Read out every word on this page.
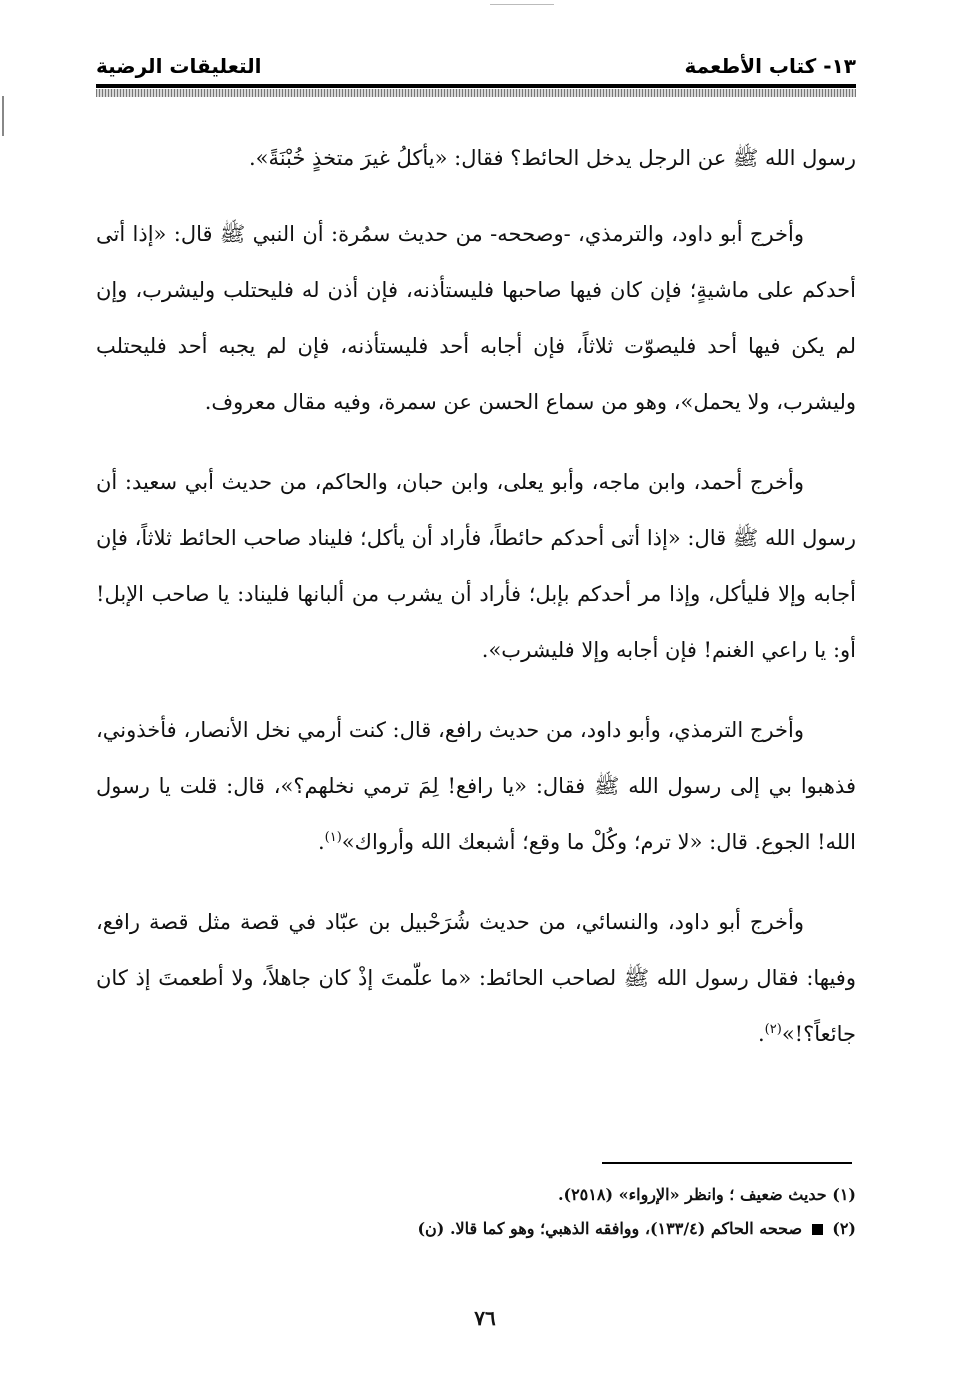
١٣- كتاب الأطعمة
التعليقات الرضية

رسول الله ﷺ عن الرجل يدخل الحائط؟ فقال: «يأكلُ غيرَ متخذٍ خُبْنَةً».

وأخرج أبو داود، والترمذي، -وصححه- من حديث سمُرة: أن النبي ﷺ قال: «إذا أتى أحدكم على ماشيةٍ؛ فإن كان فيها صاحبها فليستأذنه، فإن أذن له فليحتلب وليشرب، وإن لم يكن فيها أحد فليصوّت ثلاثاً، فإن أجابه أحد فليستأذنه، فإن لم يجبه أحد فليحتلب وليشرب، ولا يحمل»، وهو من سماع الحسن عن سمرة، وفيه مقال معروف.

وأخرج أحمد، وابن ماجه، وأبو يعلى، وابن حبان، والحاكم، من حديث أبي سعيد: أن رسول الله ﷺ قال: «إذا أتى أحدكم حائطاً، فأراد أن يأكل؛ فليناد صاحب الحائط ثلاثاً، فإن أجابه وإلا فليأكل، وإذا مر أحدكم بإبل؛ فأراد أن يشرب من ألبانها فليناد: يا صاحب الإبل! أو: يا راعي الغنم! فإن أجابه وإلا فليشرب».

وأخرج الترمذي، وأبو داود، من حديث رافع، قال: كنت أرمي نخل الأنصار، فأخذوني، فذهبوا بي إلى رسول الله ﷺ فقال: «يا رافع! لِمَ ترمي نخلهم؟»، قال: قلت يا رسول الله! الجوع. قال: «لا ترم؛ وكُلْ ما وقع؛ أشبعك الله وأرواك»$^{(١)}$.

وأخرج أبو داود، والنسائي، من حديث شُرَحْبيل بن عبّاد في قصة مثل قصة رافع، وفيها: فقال رسول الله ﷺ لصاحب الحائط: «ما علّمتَ إذْ كان جاهلاً، ولا أطعمتَ إذ كان جائعاً؟!»$^{(٢)}$.

(١) حديث ضعيف ؛ وانظر «الإرواء» (٢٥١٨).
(٢)  صححه الحاكم (١٣٣/٤)، ووافقه الذهبي؛ وهو كما قالا. (ن)
٧٦
